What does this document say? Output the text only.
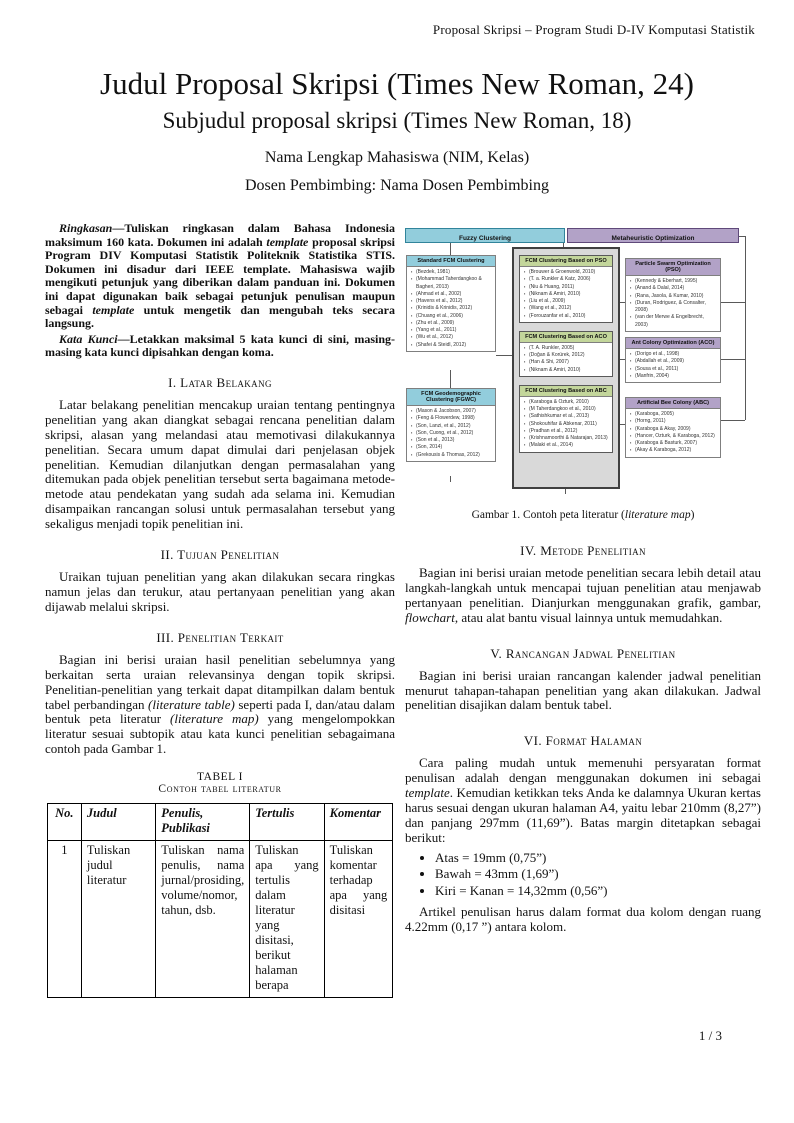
Proposal Skripsi – Program Studi D-IV Komputasi Statistik
Judul Proposal Skripsi (Times New Roman, 24)
Subjudul proposal skripsi (Times New Roman, 18)
Nama Lengkap Mahasiswa (NIM, Kelas)
Dosen Pembimbing: Nama Dosen Pembimbing

Ringkasan—Tuliskan ringkasan dalam Bahasa Indonesia maksimum 160 kata. Dokumen ini adalah template proposal skripsi Program DIV Komputasi Statistik Politeknik Statistika STIS. Dokumen ini disadur dari IEEE template. Mahasiswa wajib mengikuti petunjuk yang diberikan dalam panduan ini. Dokumen ini dapat digunakan baik sebagai petunjuk penulisan maupun sebagai template untuk mengetik dan mengubah teks secara langsung.

Kata Kunci—Letakkan maksimal 5 kata kunci di sini, masing-masing kata kunci dipisahkan dengan koma.

I. Latar Belakang

Latar belakang penelitian mencakup uraian tentang pentingnya penelitian yang akan diangkat sebagai rencana penelitian dalam skripsi, alasan yang melandasi atau memotivasi dilakukannya penelitian. Secara umum dapat dimulai dari penjelasan objek penelitian. Kemudian dilanjutkan dengan permasalahan yang ditemukan pada objek penelitian tersebut serta bagaimana metode-metode atau pendekatan yang sudah ada selama ini. Kemudian disampaikan rancangan solusi untuk permasalahan tersebut yang sekaligus menjadi topik penelitian ini.

II. Tujuan Penelitian

Uraikan tujuan penelitian yang akan dilakukan secara ringkas namun jelas dan terukur, atau pertanyaan penelitian yang akan dijawab melalui skripsi.

III. Penelitian Terkait

Bagian ini berisi uraian hasil penelitian sebelumnya yang berkaitan serta uraian relevansinya dengan topik skripsi. Penelitian-penelitian yang terkait dapat ditampilkan dalam bentuk tabel perbandingan (literature table) seperti pada I, dan/atau dalam bentuk peta literatur (literature map) yang mengelompokkan literatur sesuai subtopik atau kata kunci penelitian sebagaimana contoh pada Gambar 1.

TABEL I
Contoh tabel literatur
No.	Judul	Penulis, Publikasi	Tertulis	Komentar
1	Tuliskan judul literatur	Tuliskan nama penulis, nama jurnal/prosiding, volume/nomor, tahun, dsb.	Tuliskan apa yang tertulis dalam literatur yang disitasi, berikut halaman berapa	Tuliskan komentar terhadap apa yang disitasi
Fuzzy Clustering	Metaheuristic Optimization
Standard FCM Clustering
▪ (Bezdek, 1981)
▪ (Mohammad Taherdangkoo & Bagheri, 2013)
▪ (Ahmad et al., 2002)
▪ (Havens et al., 2012)
▪ (Krinidis & Krinidis, 2012)
▪ (Chuang et al., 2006)
▪ (Zhu et al., 2009)
▪ (Yang et al., 2011)
▪ (Wu et al., 2012)
▪ (Shafei & Steidl, 2012)
FCM Geodemographic Clustering (FGWC)
▪ (Mason & Jacobson, 2007)
▪ (Feng & Flowerdew, 1998)
▪ (Son, Lanzi, et al., 2012)
▪ (Son, Cuong, et al., 2012)
▪ (Son et al., 2013)
▪ (Son, 2014)
▪ (Grekousis & Thomas, 2012)
FCM Clustering Based on PSO
▪ (Brouwer & Groenwold, 2010)
▪ (T. a. Runkler & Katz, 2006)
▪ (Niu & Huang, 2011)
▪ (Niknam & Amiri, 2010)
▪ (Liu et al., 2009)
▪ (Wang et al., 2012)
▪ (Forouzanfar et al., 2010)
FCM Clustering Based on ACO
▪ (T. A. Runkler, 2005)
▪ (Doğan & Korürek, 2012)
▪ (Han & Shi, 2007)
▪ (Niknam & Amiri, 2010)
FCM Clustering Based on ABC
▪ (Karaboga & Ozturk, 2010)
▪ (M Taherdangkoo et al., 2010)
▪ (Sathishkumar et al., 2013)
▪ (Shokouhifar & Abkenar, 2011)
▪ (Pradhan et al., 2012)
▪ (Krishnamoorthi & Natarajan, 2013)
▪ (Malaki et al., 2014)
Particle Swarm Optimization (PSO)
▪ (Kennedy & Eberhart, 1995)
▪ (Anand & Dalal, 2014)
▪ (Rana, Jasola, & Kumar, 2010)
▪ (Duran, Rodriguez, & Consalter, 2008)
▪ (van der Merwe & Engelbrecht, 2003)
Ant Colony Optimization (ACO)
▪ (Dorigo et al., 1998)
▪ (Abdallah et al., 2009)
▪ (Sousa et al., 2011)
▪ (Manfrin, 2004)
Artificial Bee Colony (ABC)
▪ (Karaboga, 2005)
▪ (Horng, 2011)
▪ (Karaboga & Akay, 2009)
▪ (Hancer, Ozturk, & Karaboga, 2012)
▪ (Karaboga & Basturk, 2007)
▪ (Akay & Karaboga, 2012)

Gambar 1. Contoh peta literatur (literature map)

IV. Metode Penelitian

Bagian ini berisi uraian metode penelitian secara lebih detail atau langkah-langkah untuk mencapai tujuan penelitian atau menjawab pertanyaan penelitian. Dianjurkan menggunakan grafik, gambar, flowchart, atau alat bantu visual lainnya untuk memudahkan.

V. Rancangan Jadwal Penelitian

Bagian ini berisi uraian rancangan kalender jadwal penelitian menurut tahapan-tahapan penelitian yang akan dilakukan. Jadwal penelitian disajikan dalam bentuk tabel.

VI. Format Halaman

Cara paling mudah untuk memenuhi persyaratan format penulisan adalah dengan menggunakan dokumen ini sebagai template. Kemudian ketikkan teks Anda ke dalamnya Ukuran kertas harus sesuai dengan ukuran halaman A4, yaitu lebar 210mm (8,27”) dan panjang 297mm (11,69”). Batas margin ditetapkan sebagai berikut:

• Atas = 19mm (0,75”)
• Bawah = 43mm (1,69”)
• Kiri = Kanan = 14,32mm (0,56”)

Artikel penulisan harus dalam format dua kolom dengan ruang 4.22mm (0,17 ”) antara kolom.

1 / 3
